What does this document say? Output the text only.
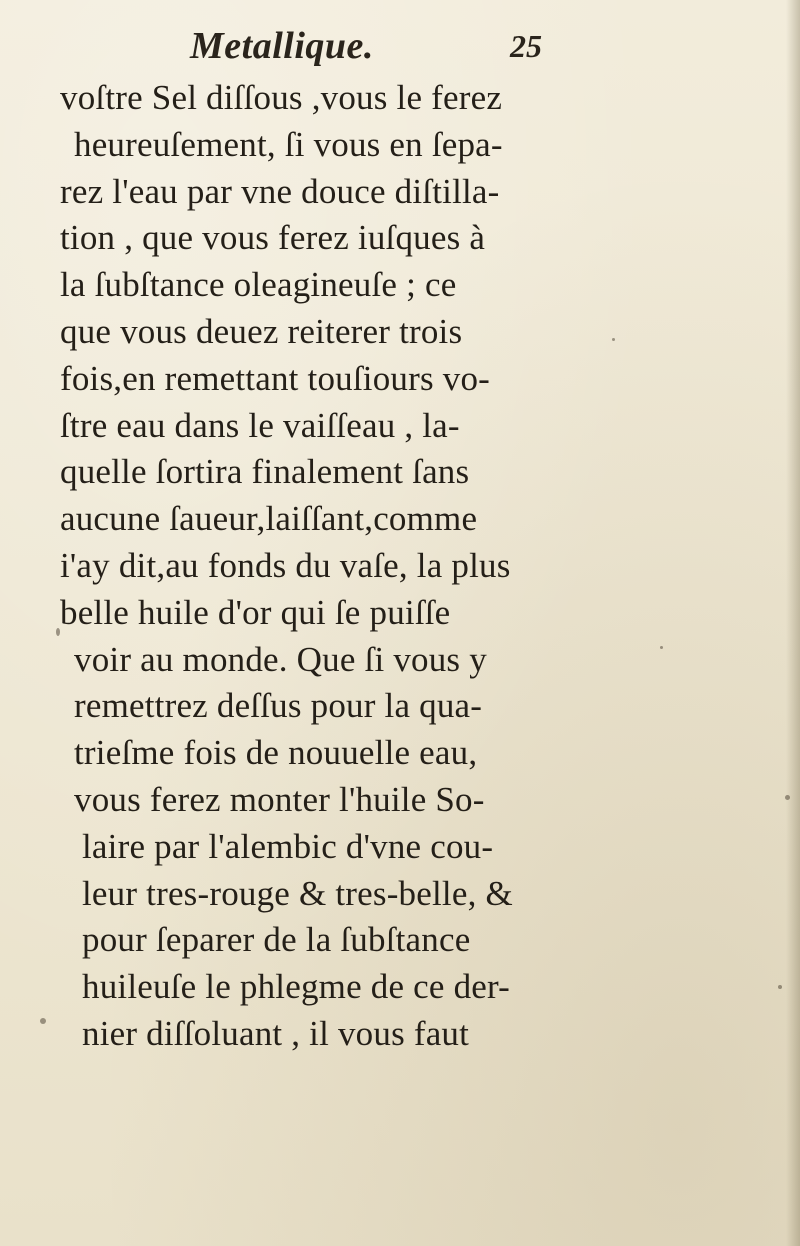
Metallique.	25
voſtre Sel diſſous ,vous le ferez
heureuſement, ſi vous en ſepa-
rez l'eau par vne douce diſtilla-
tion , que vous ferez iuſques à
la ſubſtance oleagineuſe ; ce
que vous deuez reiterer trois
fois,en remettant touſiours vo-
ſtre eau dans le vaiſſeau , la-
quelle ſortira finalement ſans
aucune ſaueur,laiſſant,comme
i'ay dit,au fonds du vaſe, la plus
belle huile d'or qui ſe puiſſe
voir au monde. Que ſi vous y
remettrez deſſus pour la qua-
trieſme fois de nouuelle eau,
vous ferez monter l'huile So-
laire par l'alembic d'vne cou-
leur tres-rouge & tres-belle, &
pour ſeparer de la ſubſtance
huileuſe le phlegme de ce der-
nier diſſoluant , il vous faut
